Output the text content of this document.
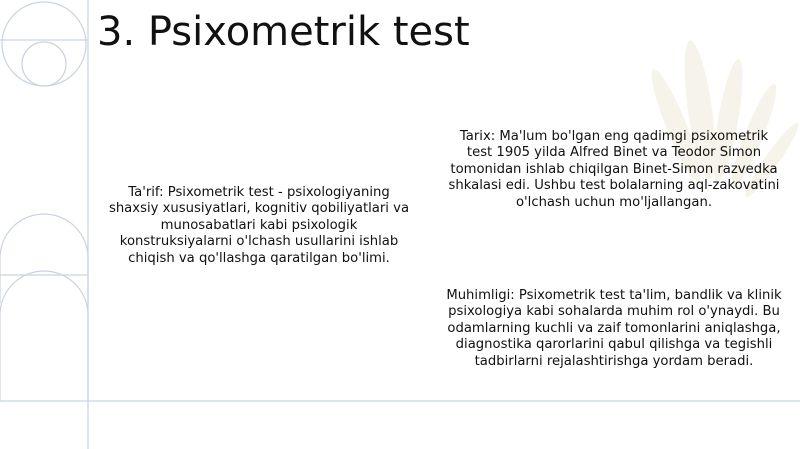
3. Psixometrik test
Ta'rif: Psixometrik test - psixologiyaning shaxsiy xususiyatlari, kognitiv qobiliyatlari va munosabatlari kabi psixologik konstruksiyalarni o'lchash usullarini ishlab chiqish va qo'llashga qaratilgan bo'limi.
Tarix: Ma'lum bo'lgan eng qadimgi psixometrik test 1905 yilda Alfred Binet va Teodor Simon tomonidan ishlab chiqilgan Binet-Simon razvedka shkalasi edi. Ushbu test bolalarning aql-zakovatini o'lchash uchun mo'ljallangan.
Muhimligi: Psixometrik test ta'lim, bandlik va klinik psixologiya kabi sohalarda muhim rol o'ynaydi. Bu odamlarning kuchli va zaif tomonlarini aniqlashga, diagnostika qarorlarini qabul qilishga va tegishli tadbirlarni rejalashtirishga yordam beradi.
